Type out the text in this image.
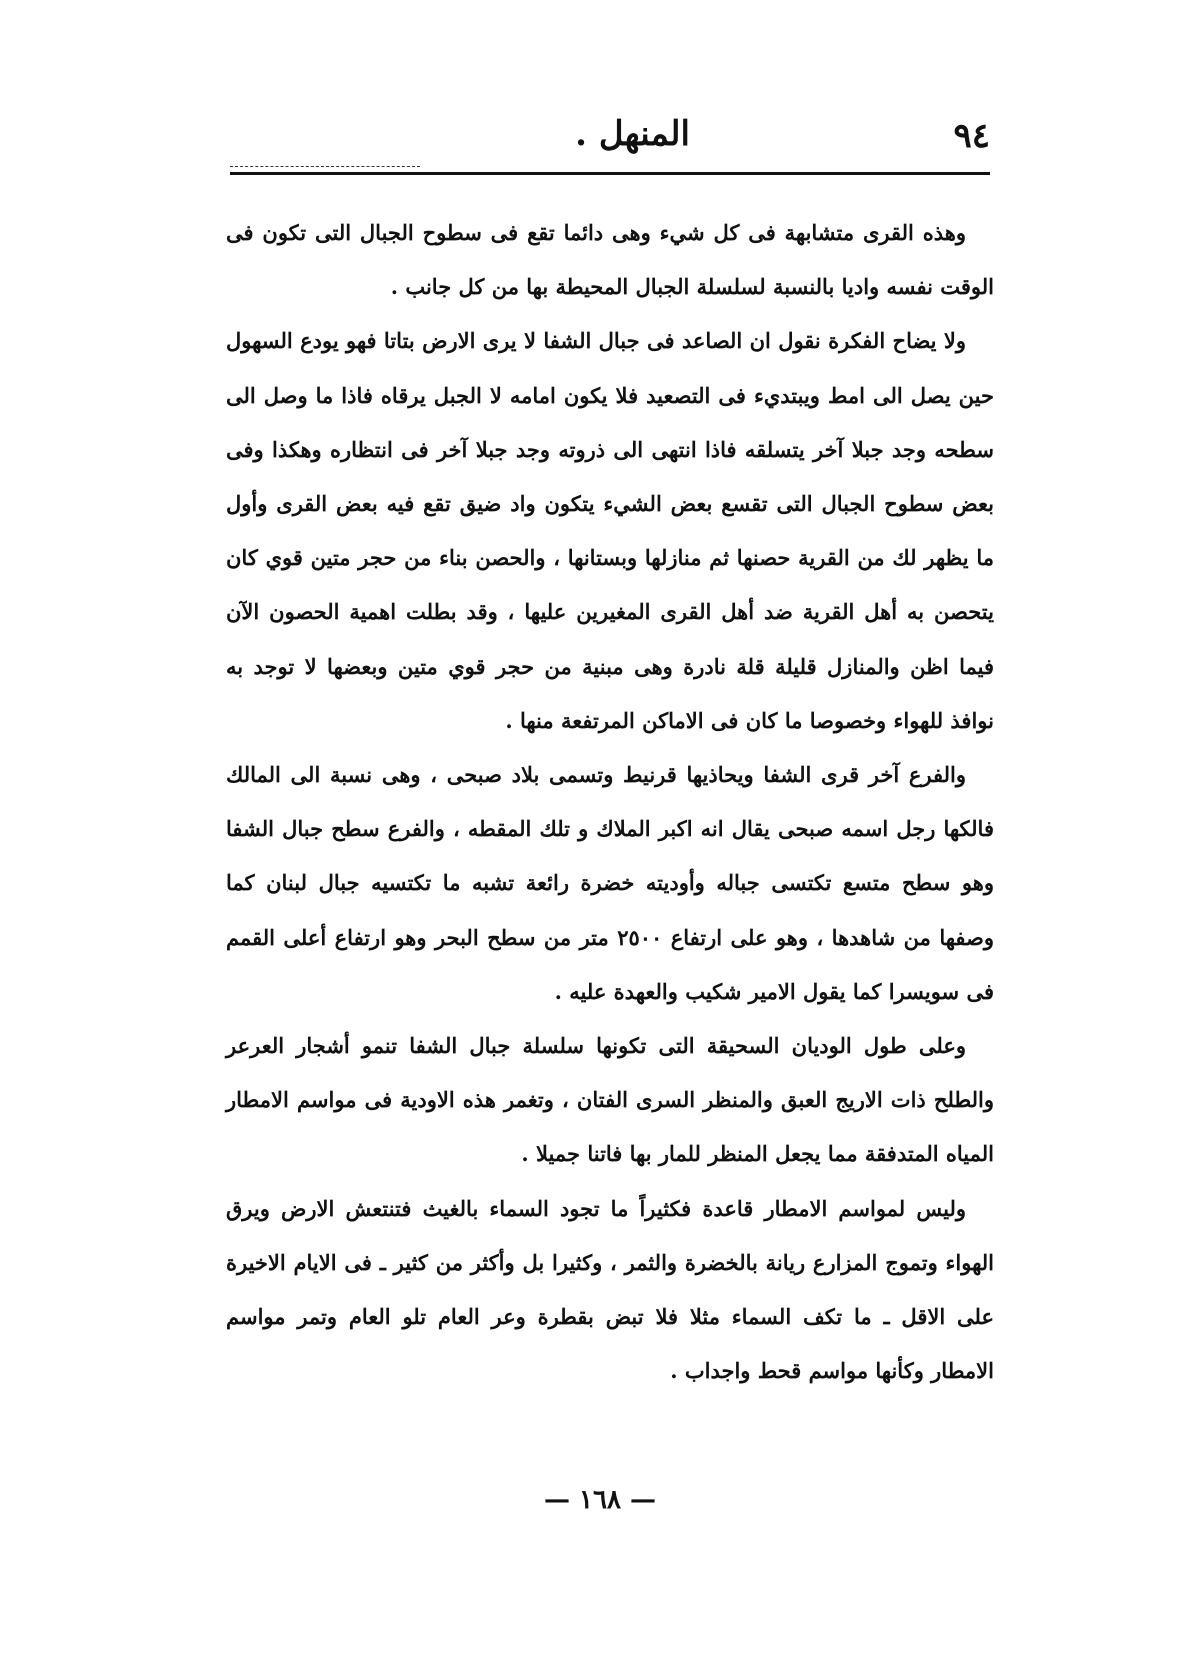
٩٤
المنهل .

وهذه القرى متشابهة فى كل شيء وهى دائما تقع فى سطوح الجبال التى تكون فى الوقت نفسه واديا بالنسبة لسلسلة الجبال المحيطة بها من كل جانب .

ولا يضاح الفكرة نقول ان الصاعد فى جبال الشفا لا يرى الارض بتاتا فهو يودع السهول حين يصل الى امط ويبتديء فى التصعيد فلا يكون امامه لا الجبل يرقاه فاذا ما وصل الى سطحه وجد جبلا آخر يتسلقه فاذا انتهى الى ذروته وجد جبلا آخر فى انتظاره وهكذا وفى بعض سطوح الجبال التى تقسع بعض الشيء يتكون واد ضيق تقع فيه بعض القرى وأول ما يظهر لك من القرية حصنها ثم منازلها وبستانها ، والحصن بناء من حجر متين قوي كان يتحصن به أهل القرية ضد أهل القرى المغيرين عليها ، وقد بطلت اهمية الحصون الآن فيما اظن والمنازل قليلة قلة نادرة وهى مبنية من حجر قوي متين وبعضها لا توجد به نوافذ للهواء وخصوصا ما كان فى الاماكن المرتفعة منها .

والفرع آخر قرى الشفا ويحاذيها قرنيط وتسمى بلاد صبحى ، وهى نسبة الى المالك فالكها رجل اسمه صبحى يقال انه اكبر الملاك و تلك المقطه ، والفرع سطح جبال الشفا وهو سطح متسع تكتسى جباله وأوديته خضرة رائعة تشبه ما تكتسيه جبال لبنان كما وصفها من شاهدها ، وهو على ارتفاع ٢٥٠٠ متر من سطح البحر وهو ارتفاع أعلى القمم فى سويسرا كما يقول الامير شكيب والعهدة عليه .

وعلى طول الوديان السحيقة التى تكونها سلسلة جبال الشفا تنمو أشجار العرعر والطلح ذات الاريج العبق والمنظر السرى الفتان ، وتغمر هذه الاودية فى مواسم الامطار المياه المتدفقة مما يجعل المنظر للمار بها فاتنا جميلا .

وليس لمواسم الامطار قاعدة فكثيراً ما تجود السماء بالغيث فتنتعش الارض ويرق الهواء وتموج المزارع ريانة بالخضرة والثمر ، وكثيرا بل وأكثر من كثير ـ فى الايام الاخيرة على الاقل ـ ما تكف السماء مثلا فلا تبض بقطرة وعر العام تلو العام وتمر مواسم الامطار وكأنها مواسم قحط واجداب .

— ١٦٨ —
